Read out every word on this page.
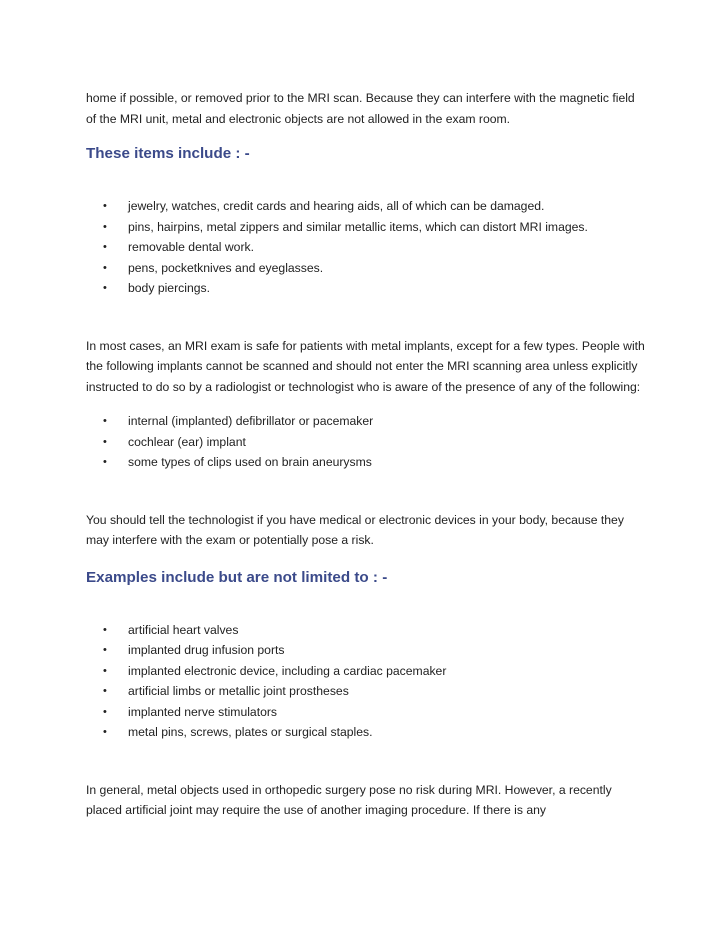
home if possible, or removed prior to the MRI scan. Because they can interfere with the magnetic field of the MRI unit, metal and electronic objects are not allowed in the exam room.

These items include : -
• jewelry, watches, credit cards and hearing aids, all of which can be damaged.
• pins, hairpins, metal zippers and similar metallic items, which can distort MRI images.
• removable dental work.
• pens, pocketknives and eyeglasses.
• body piercings.

In most cases, an MRI exam is safe for patients with metal implants, except for a few types. People with the following implants cannot be scanned and should not enter the MRI scanning area unless explicitly instructed to do so by a radiologist or technologist who is aware of the presence of any of the following:

• internal (implanted) defibrillator or pacemaker
• cochlear (ear) implant
• some types of clips used on brain aneurysms

You should tell the technologist if you have medical or electronic devices in your body, because they may interfere with the exam or potentially pose a risk.

Examples include but are not limited to : -
• artificial heart valves
• implanted drug infusion ports
• implanted electronic device, including a cardiac pacemaker
• artificial limbs or metallic joint prostheses
• implanted nerve stimulators
• metal pins, screws, plates or surgical staples.

In general, metal objects used in orthopedic surgery pose no risk during MRI. However, a recently placed artificial joint may require the use of another imaging procedure. If there is any
